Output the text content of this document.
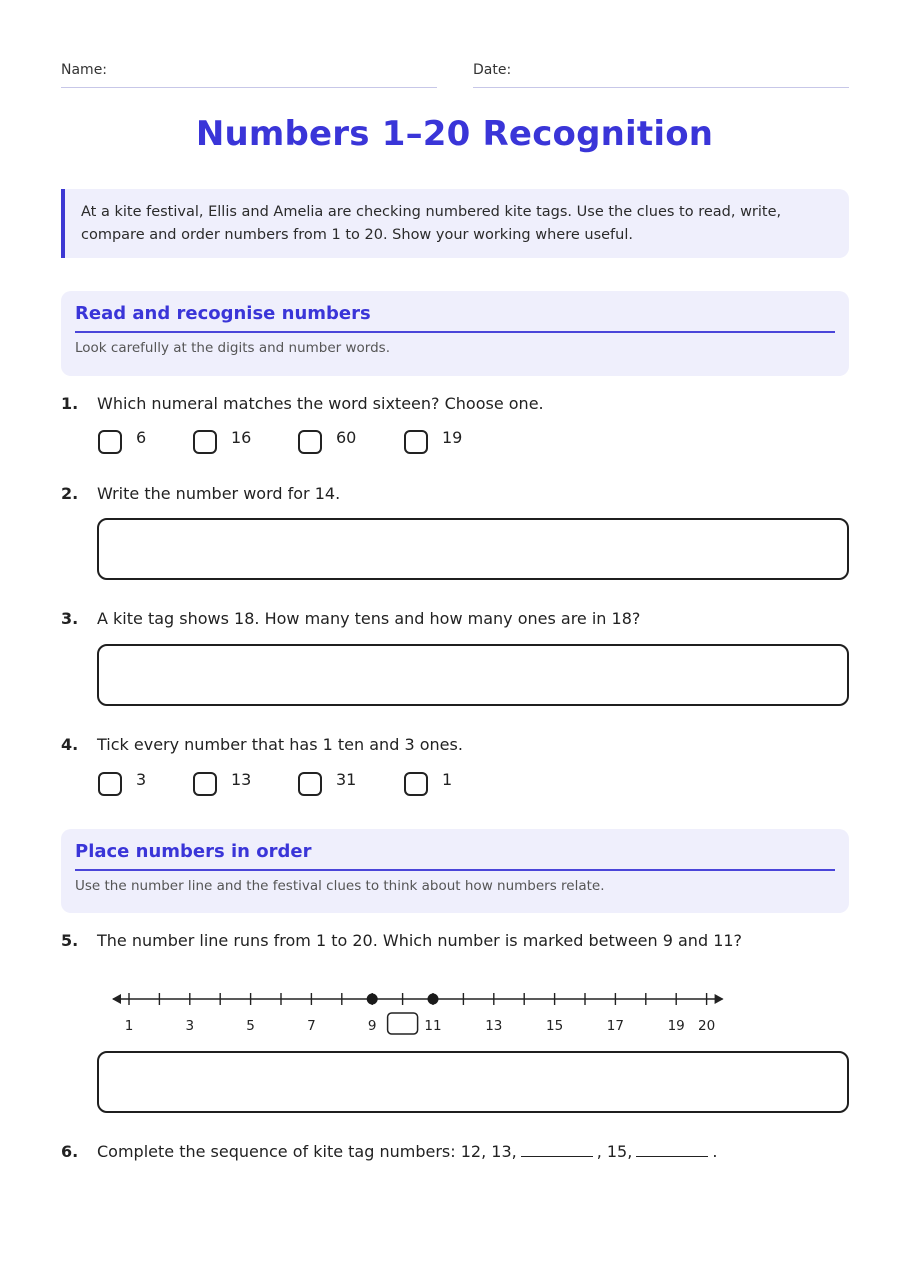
Name:	Date:
Numbers 1–20 Recognition
At a kite festival, Ellis and Amelia are checking numbered kite tags. Use the clues to read, write, compare and order numbers from 1 to 20. Show your working where useful.
Read and recognise numbers
Look carefully at the digits and number words.
1. Which numeral matches the word sixteen? Choose one.
6	16	60	19
2. Write the number word for 14.
3. A kite tag shows 18. How many tens and how many ones are in 18?
4. Tick every number that has 1 ten and 3 ones.
3	13	31	1
Place numbers in order
Use the number line and the festival clues to think about how numbers relate.
5. The number line runs from 1 to 20. Which number is marked between 9 and 11?
1	3	5	7	9	11	13	15	17	19 20
6. Complete the sequence of kite tag numbers: 12, 13,	, 15,	.
